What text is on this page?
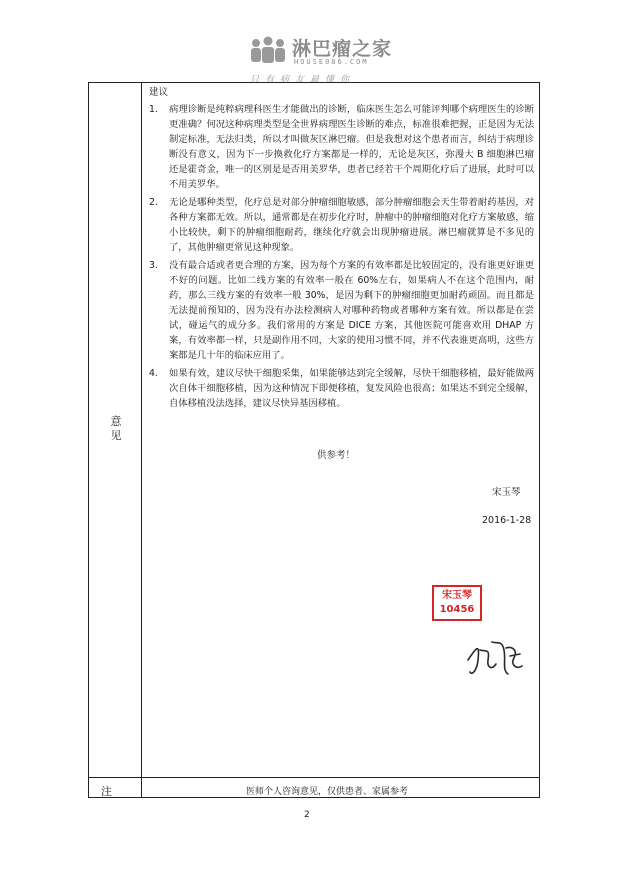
淋巴瘤之家
HOUSE086.COM
只有病友最懂你
意见
注
建议
1. 病理诊断是纯粹病理科医生才能做出的诊断，临床医生怎么可能评判哪个病理医生的诊断更准确？何况这种病理类型是全世界病理医生诊断的难点，标准很难把握，正是因为无法制定标准，无法归类，所以才叫做灰区淋巴瘤。但是我想对这个患者而言，纠结于病理诊断没有意义，因为下一步換救化疗方案都是一样的，无论是灰区，弥漫大 B 细胞淋巴瘤还是霍奇金，唯一的区别是是否用美罗华，患者已经若干个周期化疗后了进展，此时可以不用美罗华。
2. 无论是哪种类型，化疗总是对部分肿瘤细胞敏感，部分肿瘤细胞会天生带着耐药基因，对各种方案都无效。所以，通常都是在初步化疗时，肿瘤中的肿瘤细胞对化疗方案敏感，缩小比较快，剩下的肿瘤细胞耐药，继续化疗就会出现肿瘤进展。淋巴瘤就算是不多见的了，其他肿瘤更常见这种现象。
3. 没有最合适或者更合理的方案，因为每个方案的有效率都是比较固定的，没有谁更好谁更不好的问题。比如二线方案的有效率一般在 60%左右，如果病人不在这个范围内，耐药，那么三线方案的有效率一般 30%，是因为剩下的肿瘤细胞更加耐药顽固。而且都是无法提前预知的，因为没有办法检测病人对哪种药物或者哪种方案有效。所以都是在尝试，碰运气的成分多。我们常用的方案是 DICE 方案，其他医院可能喜欢用 DHAP 方案，有效率都一样，只是副作用不同，大家的使用习惯不同，并不代表谁更高明，这些方案都是几十年的临床应用了。
4. 如果有效，建议尽快干细胞采集，如果能够达到完全缓解，尽快干细胞移植，最好能做两次自体干细胞移植，因为这种情况下即便移植，复发风险也很高；如果达不到完全缓解，自体移植没法选择，建议尽快异基因移植。
供参考！
宋玉琴
2016-1-28
宋玉琴
10456
医师个人咨询意见，仅供患者、家属参考
2
